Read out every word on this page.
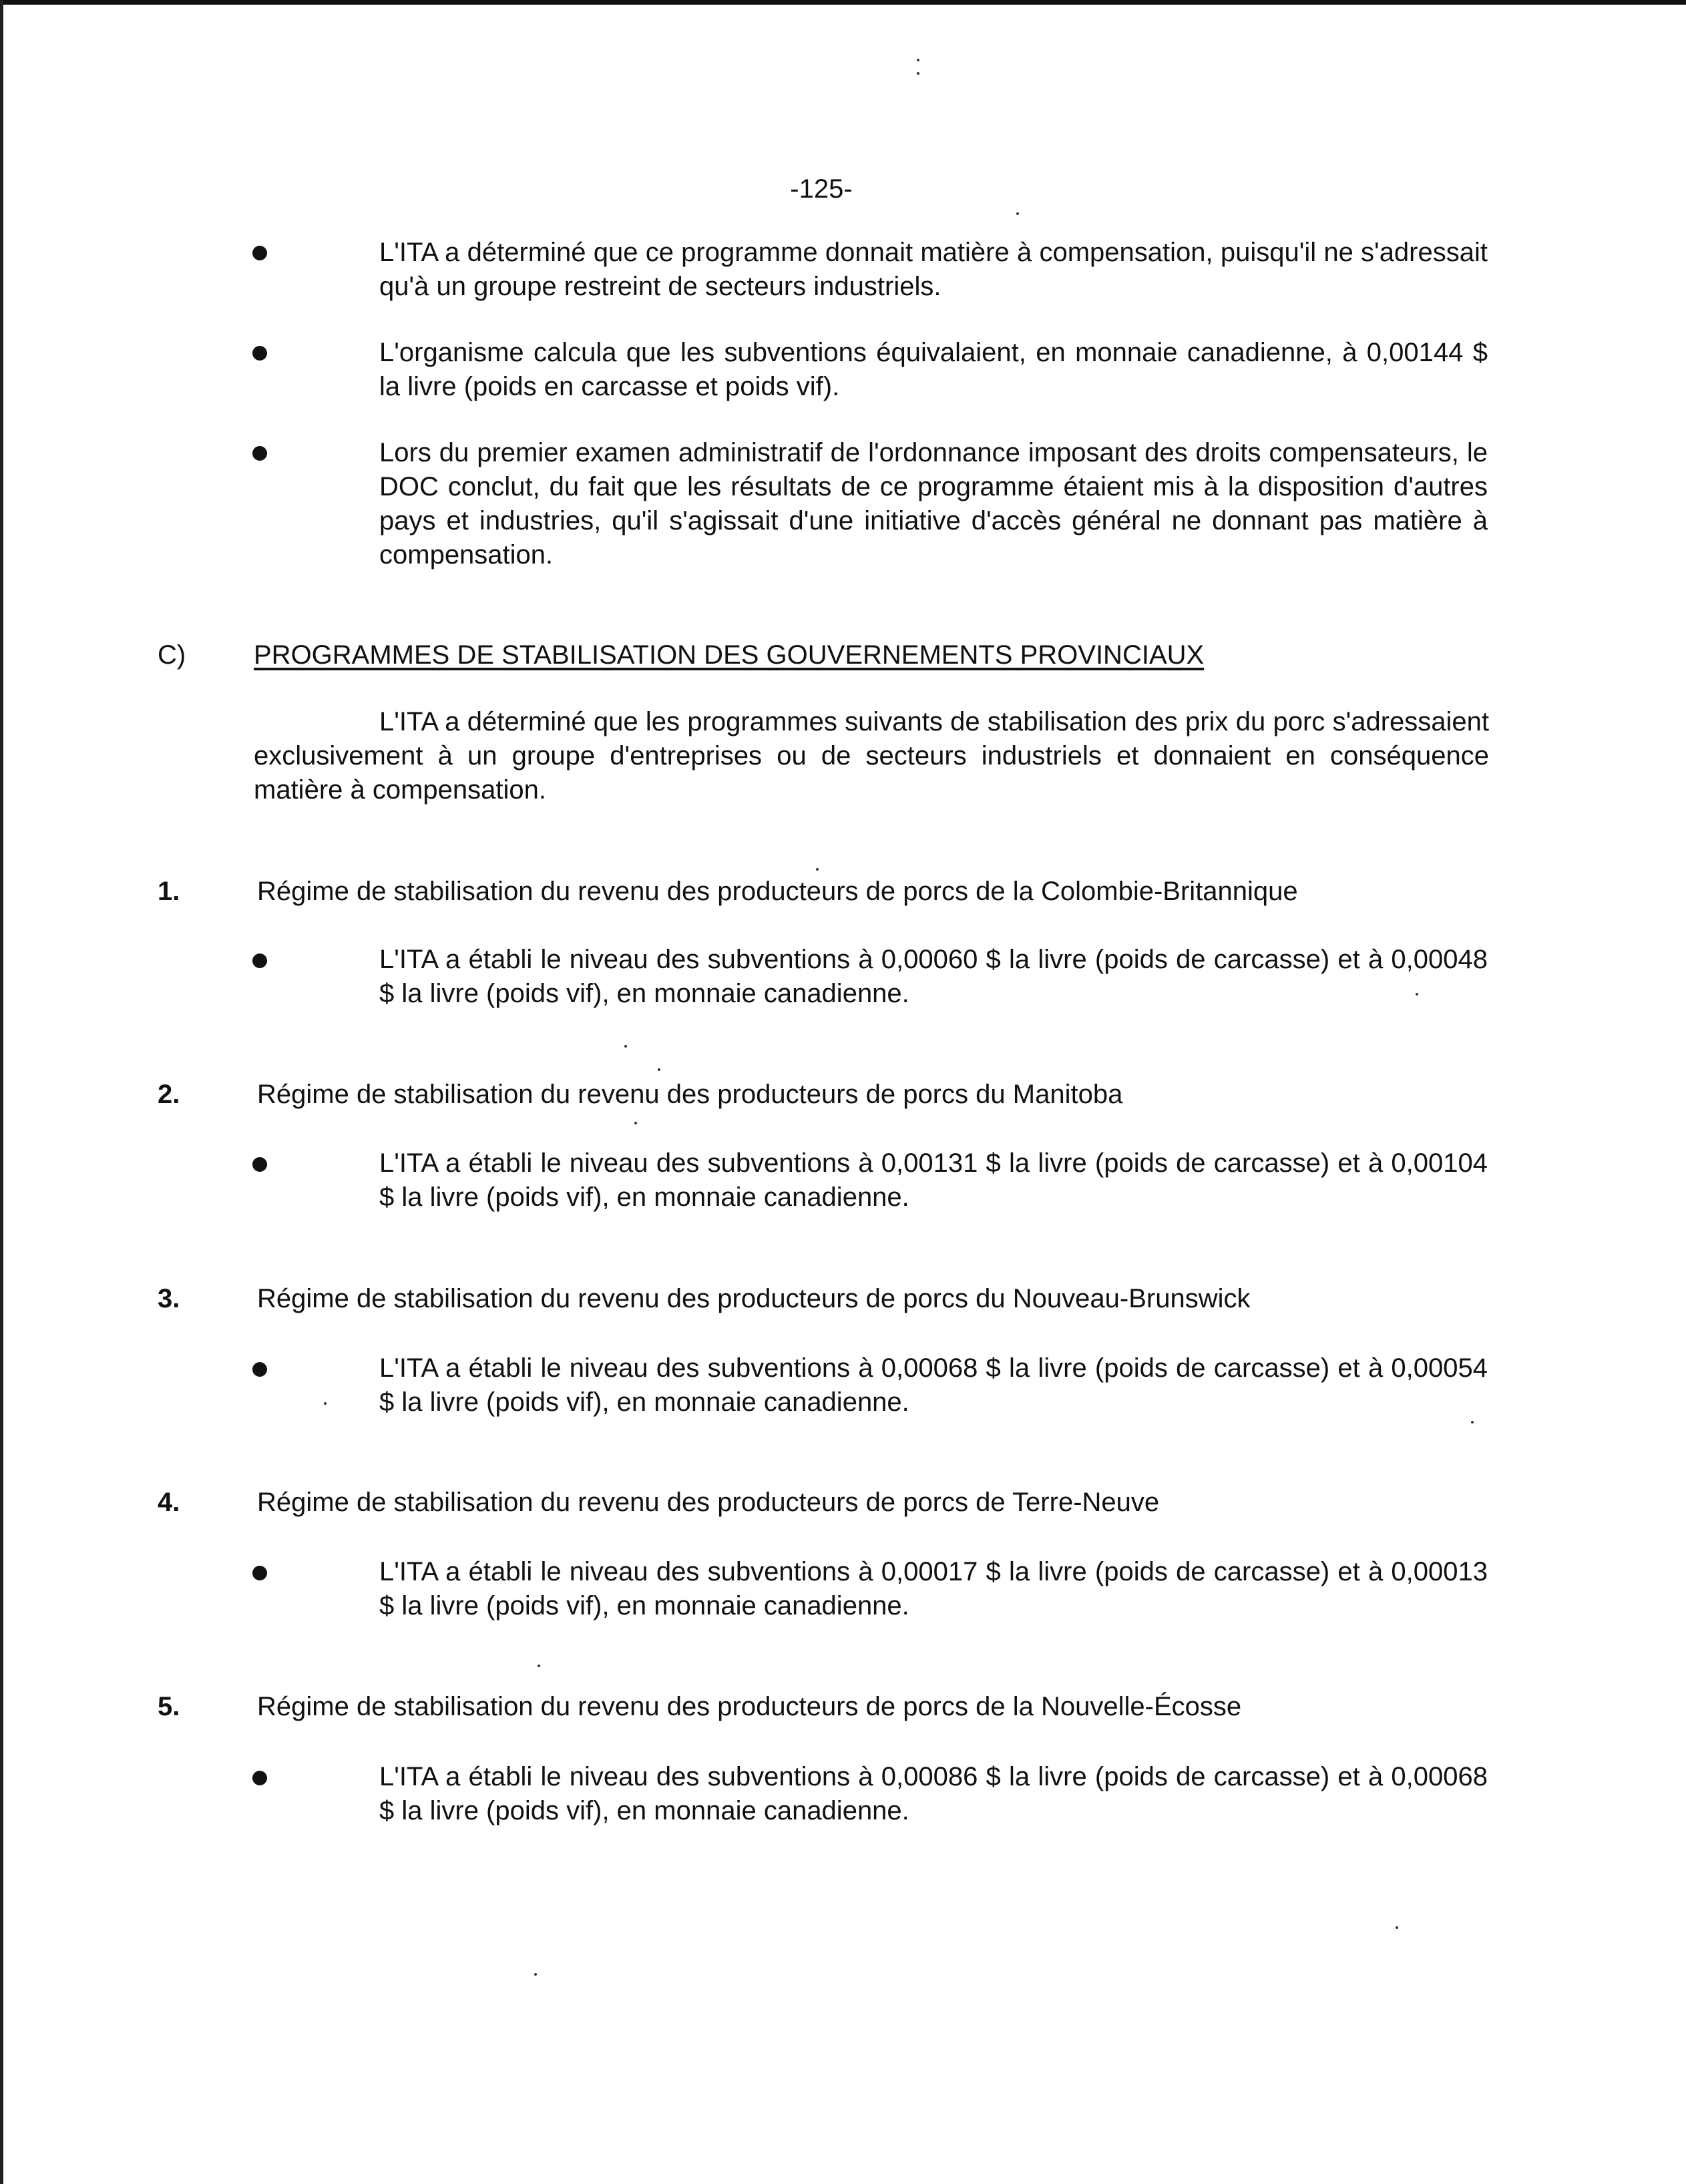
-125-
L'ITA a déterminé que ce programme donnait matière à compensation, puisqu'il ne s'adressait qu'à un groupe restreint de secteurs industriels.
L'organisme calcula que les subventions équivalaient, en monnaie canadienne, à 0,00144 $ la livre (poids en carcasse et poids vif).
Lors du premier examen administratif de l'ordonnance imposant des droits compensateurs, le DOC conclut, du fait que les résultats de ce programme étaient mis à la disposition d'autres pays et industries, qu'il s'agissait d'une initiative d'accès général ne donnant pas matière à compensation.
C)	PROGRAMMES DE STABILISATION DES GOUVERNEMENTS PROVINCIAUX
L'ITA a déterminé que les programmes suivants de stabilisation des prix du porc s'adressaient exclusivement à un groupe d'entreprises ou de secteurs industriels et donnaient en conséquence matière à compensation.
1.	Régime de stabilisation du revenu des producteurs de porcs de la Colombie-Britannique
L'ITA a établi le niveau des subventions à 0,00060 $ la livre (poids de carcasse) et à 0,00048 $ la livre (poids vif), en monnaie canadienne.
2.	Régime de stabilisation du revenu des producteurs de porcs du Manitoba
L'ITA a établi le niveau des subventions à 0,00131 $ la livre (poids de carcasse) et à 0,00104 $ la livre (poids vif), en monnaie canadienne.
3.	Régime de stabilisation du revenu des producteurs de porcs du Nouveau-Brunswick
L'ITA a établi le niveau des subventions à 0,00068 $ la livre (poids de carcasse) et à 0,00054 $ la livre (poids vif), en monnaie canadienne.
4.	Régime de stabilisation du revenu des producteurs de porcs de Terre-Neuve
L'ITA a établi le niveau des subventions à 0,00017 $ la livre (poids de carcasse) et à 0,00013 $ la livre (poids vif), en monnaie canadienne.
5.	Régime de stabilisation du revenu des producteurs de porcs de la Nouvelle-Écosse
L'ITA a établi le niveau des subventions à 0,00086 $ la livre (poids de carcasse) et à 0,00068 $ la livre (poids vif), en monnaie canadienne.
